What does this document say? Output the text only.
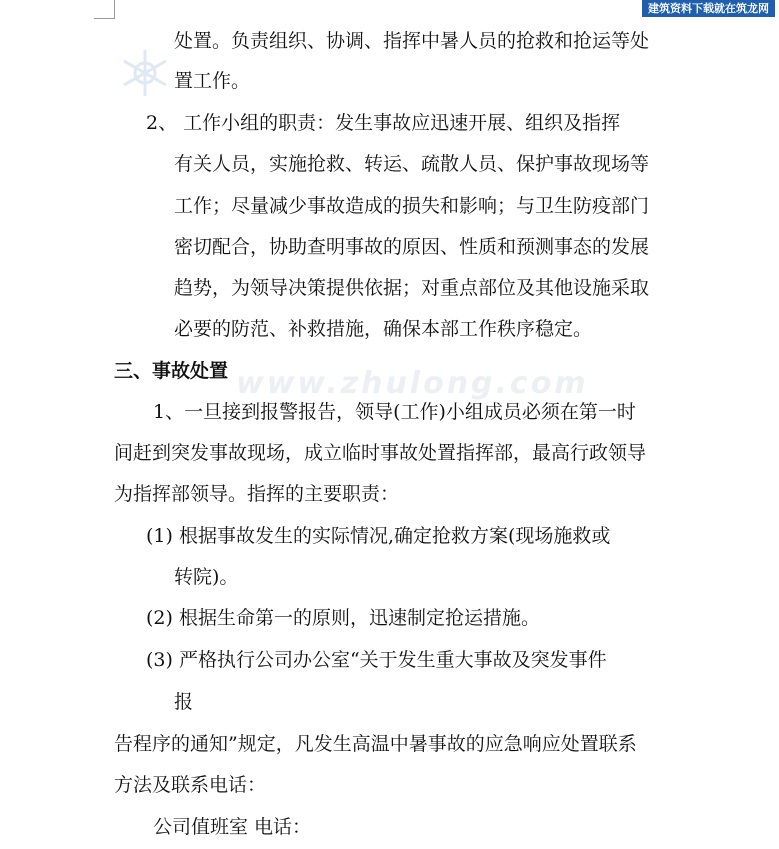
建筑资料下载就在筑龙网
www.zhulong.com
处置。负责组织、协调、指挥中暑人员的抢救和抢运等处
置工作。
2、 工作小组的职责：发生事故应迅速开展、组织及指挥
有关人员，实施抢救、转运、疏散人员、保护事故现场等
工作；尽量减少事故造成的损失和影响；与卫生防疫部门
密切配合，协助查明事故的原因、性质和预测事态的发展
趋势，为领导决策提供依据；对重点部位及其他设施采取
必要的防范、补救措施，确保本部工作秩序稳定。
三、事故处置
1、一旦接到报警报告，领导(工作)小组成员必须在第一时
间赶到突发事故现场，成立临时事故处置指挥部，最高行政领导
为指挥部领导。指挥的主要职责：
(1) 根据事故发生的实际情况,确定抢救方案(现场施救或
转院)。
(2) 根据生命第一的原则，迅速制定抢运措施。
(3) 严格执行公司办公室“关于发生重大事故及突发事件
报
告程序的通知”规定，凡发生高温中暑事故的应急响应处置联系
方法及联系电话：
公司值班室 电话：
